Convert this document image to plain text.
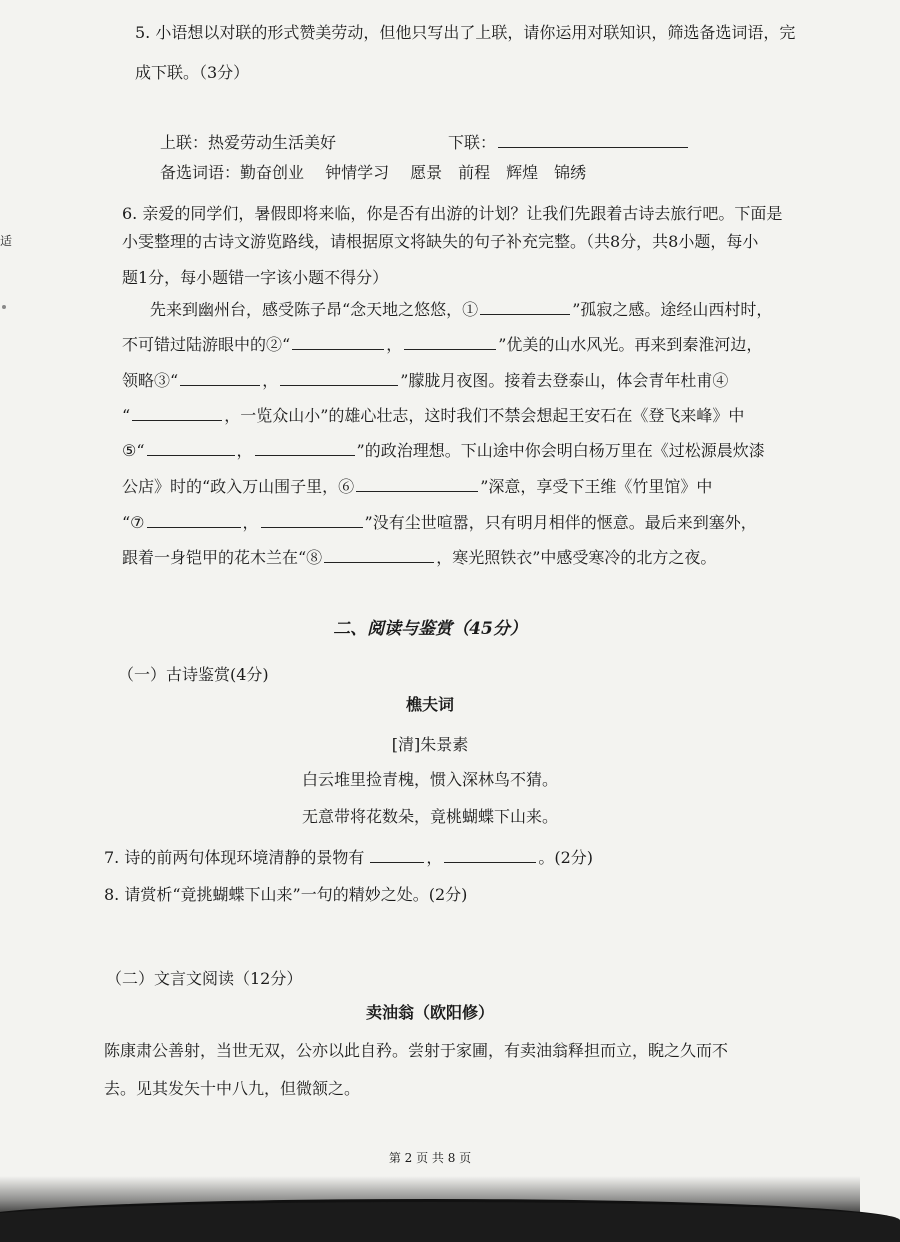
适
5. 小语想以对联的形式赞美劳动，但他只写出了上联，请你运用对联知识，筛选备选词语，完
成下联。（3分）
上联：热爱劳动生活美好	下联：
备选词语：勤奋创业　 钟情学习　 愿景　前程　辉煌　锦绣
6. 亲爱的同学们，暑假即将来临，你是否有出游的计划？让我们先跟着古诗去旅行吧。下面是
小雯整理的古诗文游览路线，请根据原文将缺失的句子补充完整。（共8分，共8小题，每小
题1分，每小题错一字该小题不得分）
先来到幽州台，感受陈子昂“念天地之悠悠，①	”孤寂之感。途经山西村时，
不可错过陆游眼中的②“	，	”优美的山水风光。再来到秦淮河边，
领略③“	，	”朦胧月夜图。接着去登泰山，体会青年杜甫④
“	，一览众山小”的雄心壮志，这时我们不禁会想起王安石在《登飞来峰》中
⑤“	，	”的政治理想。下山途中你会明白杨万里在《过松源晨炊漆
公店》时的“政入万山围子里，⑥	”深意，享受下王维《竹里馆》中
“⑦	，	”没有尘世喧嚣，只有明月相伴的惬意。最后来到塞外，
跟着一身铠甲的花木兰在“⑧	，寒光照铁衣”中感受寒冷的北方之夜。
二、阅读与鉴赏（45分）
（一）古诗鉴赏(4分)
樵夫词
[清]朱景素
白云堆里捡青槐，惯入深林鸟不猜。
无意带将花数朵，竟桃蝴蝶下山来。
7. 诗的前两句体现环境清静的景物有	，	。(2分)
8. 请赏析“竟挑蝴蝶下山来”一句的精妙之处。(2分)
（二）文言文阅读（12分）
卖油翁（欧阳修）
陈康肃公善射，当世无双，公亦以此自矜。尝射于家圃，有卖油翁释担而立，睨之久而不
去。见其发矢十中八九，但微颔之。
第 2 页 共 8 页
